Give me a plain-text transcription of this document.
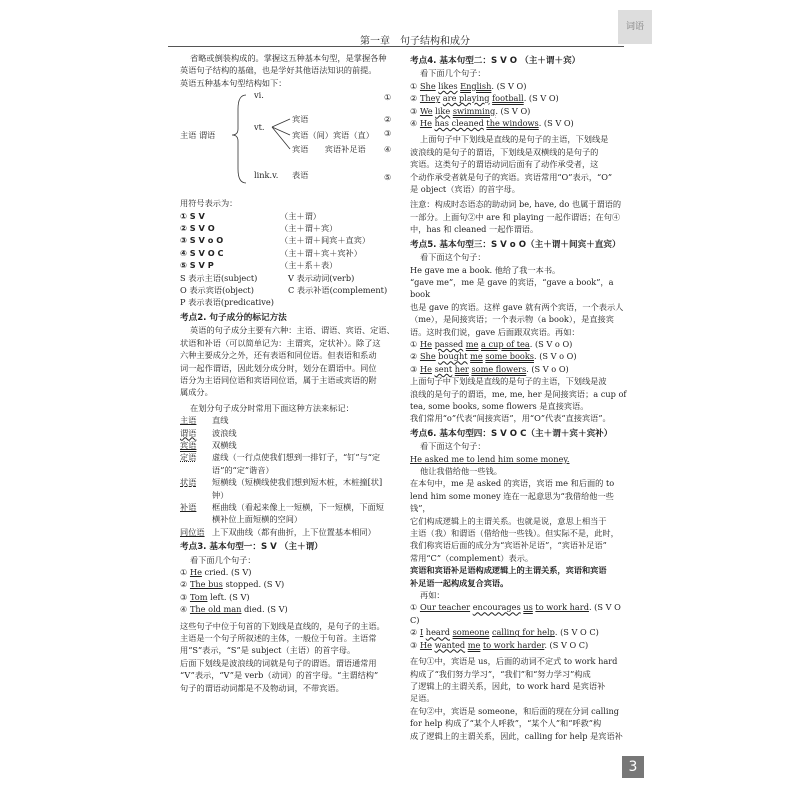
词语
第一章　句子结构和成分

省略或倒装构成的。掌握这五种基本句型，是掌握各种

英语句子结构的基础，也是学好其他语法知识的前提。

英语五种基本句型结构如下：

vi.	①
主语 谓语
vt.
宾语	②
宾语（间）宾语（直） ③
宾语　　宾语补足语 ④
link.v. 表语	⑤

用符号表示为：

① S V	（主＋谓）
② S V O	（主＋谓＋宾）
③ S V o O	（主＋谓＋间宾＋直宾）
④ S V O C	（主＋谓＋宾＋宾补）
⑤ S V P	（主＋系＋表）
S 表示主语(subject)	V 表示动词(verb)
O 表示宾语(object)	C 表示补语(complement)
P 表示表语(predicative)

考点2. 句子成分的标记方法

英语的句子成分主要有六种：主语、谓语、宾语、定语、

状语和补语（可以简单记为：主谓宾，定状补）。除了这

六种主要成分之外，还有表语和同位语。但表语和系动

词一起作谓语，因此划分成分时，划分在谓语中。同位

语分为主语同位语和宾语同位语，属于主语或宾语的附

属成分。

在划分句子成分时常用下面这种方法来标记：

主语	直线
谓语	波浪线
宾语	双横线
定语	虚线（一行点使我们想到一排钉子，“钉”与“定
语”的“定”谐音）
状语	短横线（短横线使我们想到短木桩，木桩撞[状]
钟）
补语	框曲线（看起来像上一短横，下一短横，下面短
横补位上面短横的空间）
同位语 上下双曲线（都有曲折，上下位置基本相同）

考点3. 基本句型一：S V （主＋谓）

看下面几个句子：

① He cried. (S V)

② The bus stopped. (S V)

③ Tom left. (S V)

④ The old man died. (S V)

这些句子中位于句首的下划线是直线的，是句子的主语。

主语是一个句子所叙述的主体，一般位于句首。主语常

用“S”表示，“S”是 subject（主语）的首字母。

后面下划线是波浪线的词就是句子的谓语。谓语通常用

“V”表示，“V”是 verb（动词）的首字母。“主谓结构”

句子的谓语动词都是不及物动词，不带宾语。

考点4. 基本句型二：S V O （主＋谓＋宾）

看下面几个句子：

① She likes English. (S V O)

② They are playing football. (S V O)

③ We like swimming. (S V O)

④ He has cleaned the windows. (S V O)

上面句子中下划线是直线的是句子的主语，下划线是

波浪线的是句子的谓语，下划线是双横线的是句子的

宾语。这类句子的谓语动词后面有了动作承受者，这

个动作承受者就是句子的宾语。宾语常用“O”表示，“O”

是 object（宾语）的首字母。

注意：构成时态语态的助动词 be, have, do 也属于谓语的

一部分。上面句②中 are 和 playing 一起作谓语；在句④

中，has 和 cleaned 一起作谓语。

考点5. 基本句型三：S V o O（主＋谓＋间宾＋直宾）

看下面这个句子：

He gave me a book. 他给了我一本书。

“gave me”，me 是 gave 的宾语，“gave a book”，a book

也是 gave 的宾语。这样 gave 就有两个宾语，一个表示人

（me），是间接宾语；一个表示物（a book），是直接宾

语。这时我们说，gave 后面跟双宾语。再如：

① He passed me a cup of tea. (S V o O)

② She bought me some books. (S V o O)

③ He sent her some flowers. (S V o O)

上面句子中下划线是直线的是句子的主语，下划线是波

浪线的是句子的谓语，me, me, her 是间接宾语；a cup of

tea, some books, some flowers 是直接宾语。

我们常用“o”代表“间接宾语”，用“O”代表“直接宾语”。

考点6. 基本句型四：S V O C（主＋谓＋宾＋宾补）

看下面这个句子：

He asked me to lend him some money.

他让我借给他一些钱。

在本句中，me 是 asked 的宾语，宾语 me 和后面的 to

lend him some money 连在一起意思为“我借给他一些钱”，

它们构成逻辑上的主谓关系。也就是说，意思上相当于

主语（我）和谓语（借给他一些钱）。但实际不是，此时，

我们称宾语后面的成分为“宾语补足语”，“宾语补足语”

常用“C”（complement）表示。

宾语和宾语补足语构成逻辑上的主谓关系，宾语和宾语

补足语一起构成复合宾语。

再如：

① Our teacher encourages us to work hard. (S V O C)

② I heard someone calling for help. (S V O C)

③ He wanted me to work harder. (S V O C)

在句①中，宾语是 us，后面的动词不定式 to work hard

构成了“我们努力学习”，“我们”和“努力学习”构成

了逻辑上的主谓关系，因此，to work hard 是宾语补

足语。

在句②中，宾语是 someone，和后面的现在分词 calling

for help 构成了“某个人呼救”，“某个人”和“呼救”构

成了逻辑上的主谓关系，因此，calling for help 是宾语补

3
